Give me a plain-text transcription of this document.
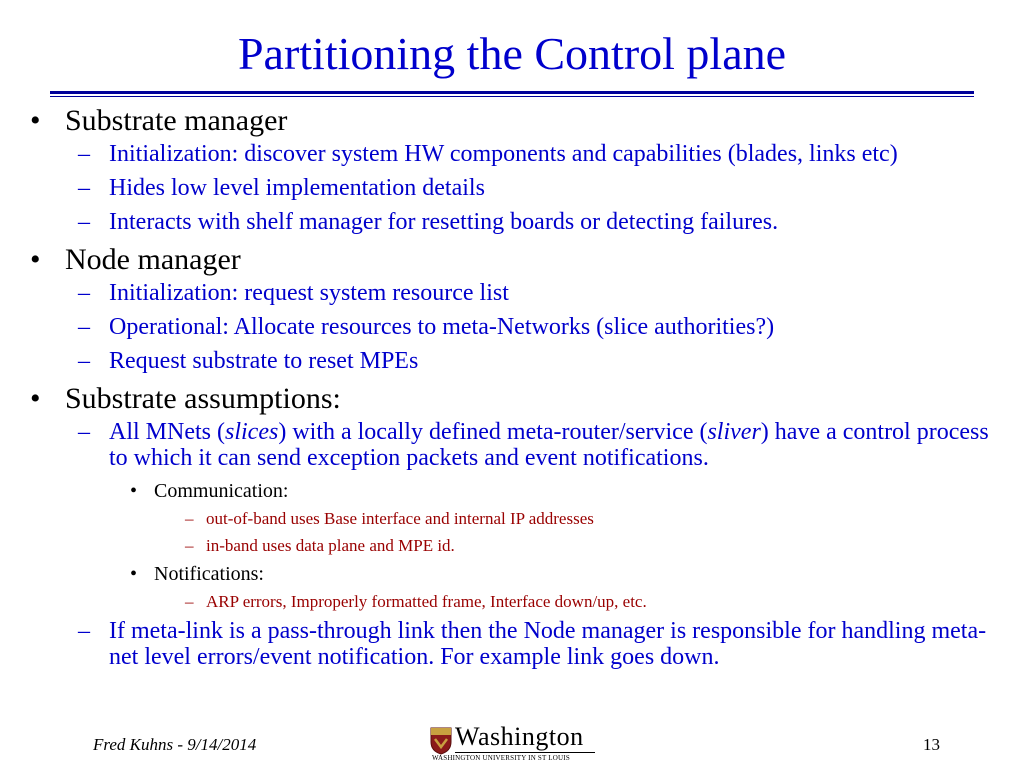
Partitioning the Control plane
• Substrate manager
– Initialization: discover system HW components and capabilities (blades, links etc)
– Hides low level implementation details
– Interacts with shelf manager for resetting boards or detecting failures.
• Node manager
– Initialization: request system resource list
– Operational: Allocate resources to meta-Networks (slice authorities?)
– Request substrate to reset MPEs
• Substrate assumptions:
– All MNets (slices) with a locally defined meta-router/service (sliver) have a control process to which it can send exception packets and event notifications.
• Communication:
– out-of-band uses Base interface and internal IP addresses
– in-band uses data plane and MPE id.
• Notifications:
– ARP errors, Improperly formatted frame, Interface down/up, etc.
– If meta-link is a pass-through link then the Node manager is responsible for handling meta-net level errors/event notification. For example link goes down.
Fred Kuhns - 9/14/2014	Washington
WASHINGTON UNIVERSITY IN ST LOUIS
13
